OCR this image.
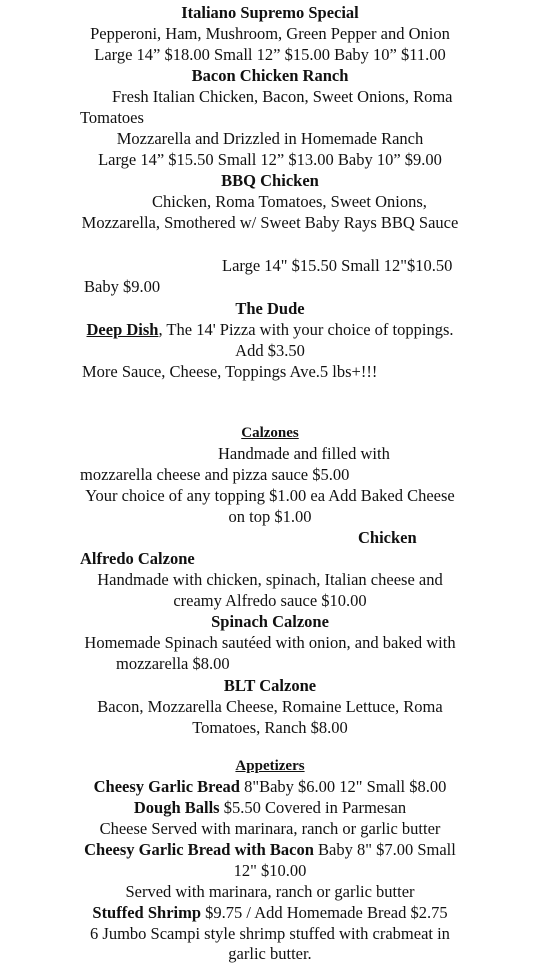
Italiano Supremo Special
Pepperoni, Ham, Mushroom, Green Pepper and Onion
Large 14” $18.00 Small 12” $15.00 Baby 10” $11.00
Bacon Chicken Ranch
Fresh Italian Chicken, Bacon, Sweet Onions, Roma
Tomatoes
Mozzarella and Drizzled in Homemade Ranch
Large 14” $15.50 Small 12” $13.00 Baby 10” $9.00
BBQ Chicken
Chicken, Roma Tomatoes, Sweet Onions,
Mozzarella, Smothered w/ Sweet Baby Rays BBQ Sauce
Large 14" $15.50 Small 12"$10.50
Baby $9.00
The Dude
Deep Dish, The 14' Pizza with your choice of toppings.
Add $3.50
More Sauce, Cheese, Toppings Ave.5 lbs+!!!
Calzones
Handmade and filled with
mozzarella cheese and pizza sauce $5.00
Your choice of any topping $1.00 ea Add Baked Cheese
on top $1.00
Chicken
Alfredo Calzone
Handmade with chicken, spinach, Italian cheese and
creamy Alfredo sauce $10.00
Spinach Calzone
Homemade Spinach sautéed with onion, and baked with
mozzarella $8.00
BLT Calzone
Bacon, Mozzarella Cheese, Romaine Lettuce, Roma
Tomatoes, Ranch $8.00
Appetizers
Cheesy Garlic Bread 8"Baby $6.00 12" Small $8.00
Dough Balls $5.50 Covered in Parmesan
Cheese Served with marinara, ranch or garlic butter
Cheesy Garlic Bread with Bacon Baby 8" $7.00 Small
12" $10.00
Served with marinara, ranch or garlic butter
Stuffed Shrimp $9.75 / Add Homemade Bread $2.75
6 Jumbo Scampi style shrimp stuffed with crabmeat in
garlic butter.
